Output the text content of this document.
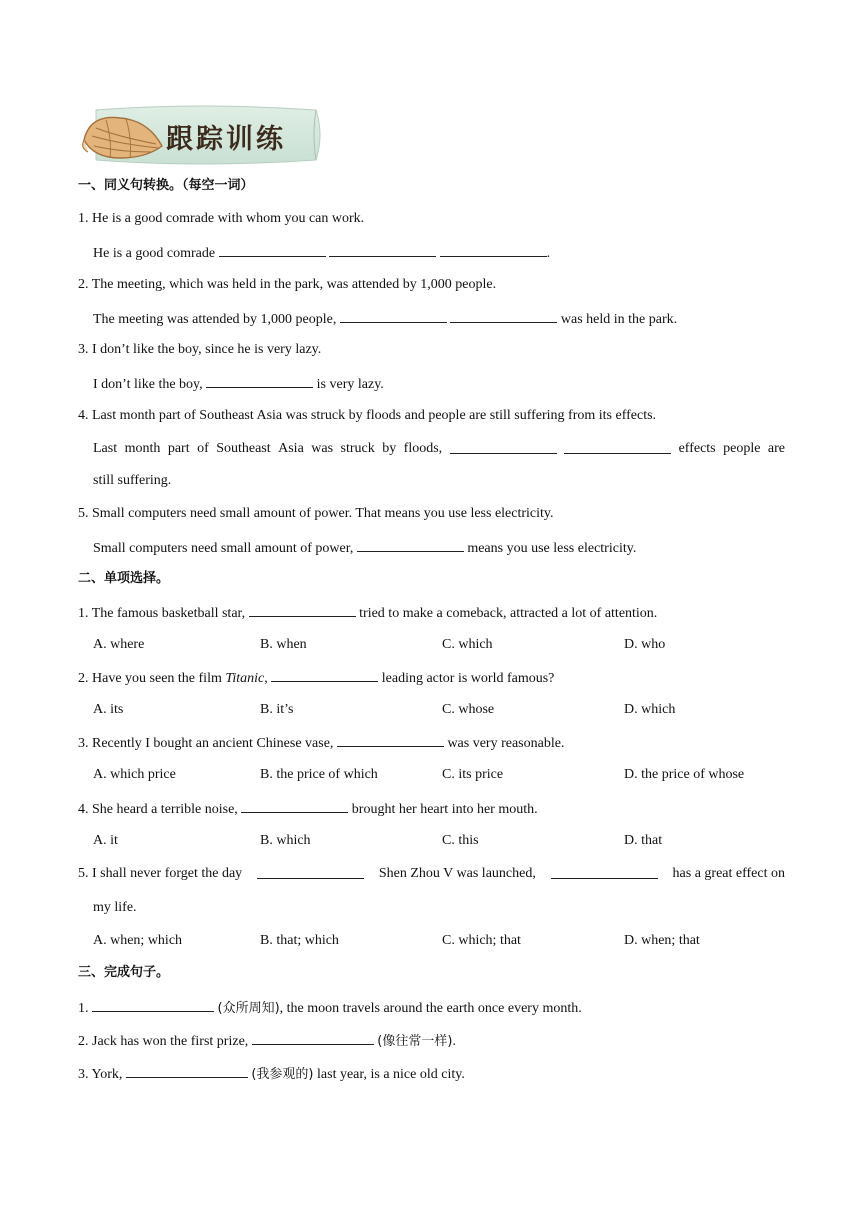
跟踪训练
一、同义句转换。（每空一词）
1. He is a good comrade with whom you can work.
He is a good comrade	.
2. The meeting, which was held in the park, was attended by 1,000 people.
The meeting was attended by 1,000 people,	was held in the park.
3. I don’t like the boy, since he is very lazy.
I don’t like the boy,	is very lazy.
4. Last month part of Southeast Asia was struck by floods and people are still suffering from its effects.
Last month part of Southeast Asia was struck by floods,	effects people are
still suffering.
5. Small computers need small amount of power. That means you use less electricity.
Small computers need small amount of power,	means you use less electricity.
二、单项选择。
1. The famous basketball star,	tried to make a comeback, attracted a lot of attention.
A. where	B. when	C. which	D. who
2. Have you seen the film Titanic,	leading actor is world famous?
A. its	B. it’s	C. whose	D. which
3. Recently I bought an ancient Chinese vase,	was very reasonable.
A. which price	B. the price of which	C. its price	D. the price of whose
4. She heard a terrible noise,	brought her heart into her mouth.
A. it	B. which	C. this	D. that
5. I shall never forget the day	Shen Zhou V was launched,	has a great effect on
my life.
A. when; which	B. that; which	C. which; that	D. when; that
三、完成句子。
1.	(众所周知), the moon travels around the earth once every month.
2. Jack has won the first prize,	(像往常一样).
3. York,	(我参观的) last year, is a nice old city.
